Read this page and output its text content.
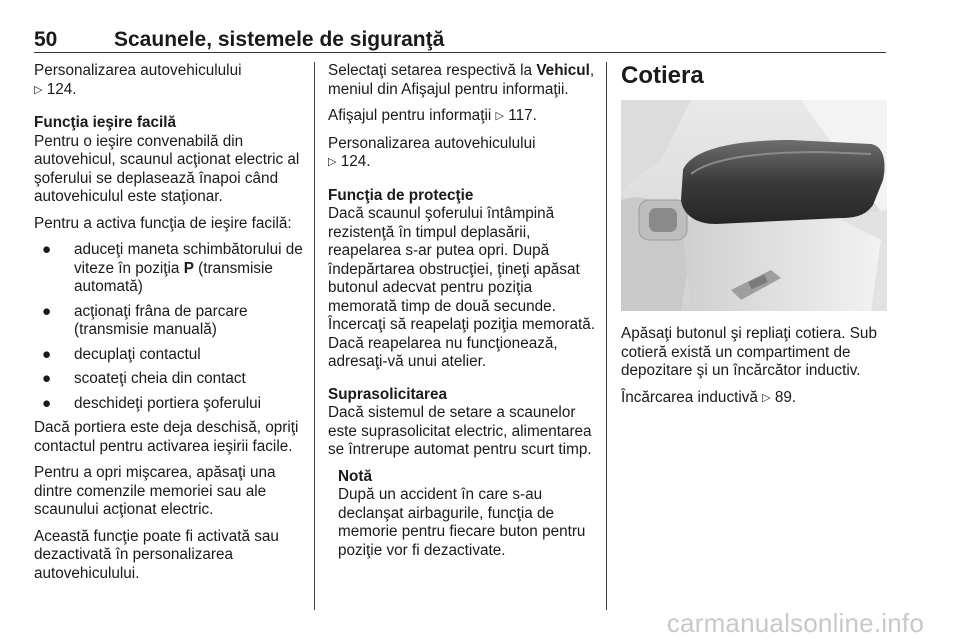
50	Scaunele, sistemele de siguranţă

Personalizarea autovehiculului
▷ 124.

Funcţia ieşire facilă
Pentru o ieşire convenabilă din autovehicul, scaunul acţionat electric al şoferului se deplasează înapoi când autovehiculul este staţionar.

Pentru a activa funcţia de ieşire facilă:

● aduceţi maneta schimbătorului de viteze în poziţia P (transmisie automată)
● acţionaţi frâna de parcare (transmisie manuală)
● decuplaţi contactul
● scoateţi cheia din contact
● deschideţi portiera şoferului

Dacă portiera este deja deschisă, opriţi contactul pentru activarea ieşirii facile.

Pentru a opri mişcarea, apăsaţi una dintre comenzile memoriei sau ale scaunului acţionat electric.

Această funcţie poate fi activată sau dezactivată în personalizarea autovehiculului.

Selectaţi setarea respectivă la Vehicul, meniul din Afişajul pentru informaţii.

Afişajul pentru informaţii ▷ 117.

Personalizarea autovehiculului
▷ 124.

Funcţia de protecţie
Dacă scaunul şoferului întâmpină rezistenţă în timpul deplasării, reapelarea s-ar putea opri. După îndepărtarea obstrucţiei, ţineţi apăsat butonul adecvat pentru poziţia memorată timp de două secunde. Încercaţi să reapelaţi poziţia memorată. Dacă reapelarea nu funcţionează, adresaţi-vă unui atelier.

Suprasolicitarea
Dacă sistemul de setare a scaunelor este suprasolicitat electric, alimentarea se întrerupe automat pentru scurt timp.

Notă
După un accident în care s-au declanşat airbagurile, funcţia de memorie pentru fiecare buton pentru poziţie vor fi dezactivate.
Cotiera

Apăsaţi butonul şi repliaţi cotiera. Sub cotieră există un compartiment de depozitare şi un încărcător inductiv.

Încărcarea inductivă ▷ 89.

carmanualsonline.info
